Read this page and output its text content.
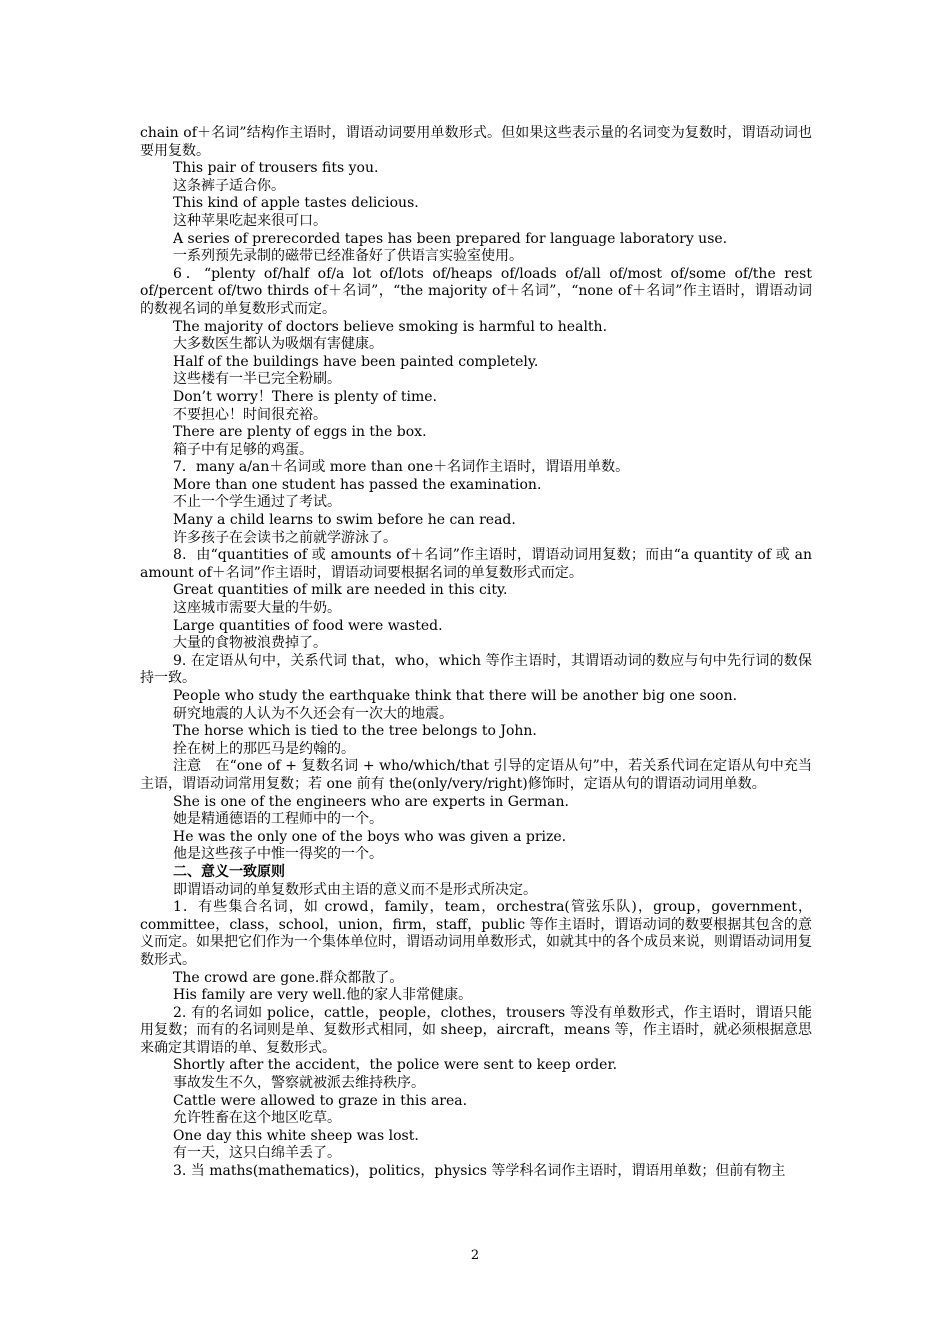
chain of＋名词”结构作主语时，谓语动词要用单数形式。但如果这些表示量的名词变为复数时，谓语动词也要用复数。
This pair of trousers fits you.
这条裤子适合你。
This kind of apple tastes delicious.
这种苹果吃起来很可口。
A series of prerecorded tapes has been prepared for language laboratory use.
一系列预先录制的磁带已经准备好了供语言实验室使用。
6．“plenty of/half of/a lot of/lots of/heaps of/loads of/all of/most of/some of/the rest of/percent of/two thirds of＋名词”，“the majority of＋名词”，“none of＋名词”作主语时，谓语动词的数视名词的单复数形式而定。
The majority of doctors believe smoking is harmful to health.
大多数医生都认为吸烟有害健康。
Half of the buildings have been painted completely.
这些楼有一半已完全粉刷。
Don’t worry！There is plenty of time.
不要担心！时间很充裕。
There are plenty of eggs in the box.
箱子中有足够的鸡蛋。
7．many a/an＋名词或 more than one＋名词作主语时，谓语用单数。
More than one student has passed the examination.
不止一个学生通过了考试。
Many a child learns to swim before he can read.
许多孩子在会读书之前就学游泳了。
8．由“quantities of 或 amounts of＋名词”作主语时，谓语动词用复数；而由“a quantity of 或 an amount of＋名词”作主语时，谓语动词要根据名词的单复数形式而定。
Great quantities of milk are needed in this city.
这座城市需要大量的牛奶。
Large quantities of food were wasted.
大量的食物被浪费掉了。
9. 在定语从句中，关系代词 that，who，which 等作主语时，其谓语动词的数应与句中先行词的数保持一致。
People who study the earthquake think that there will be another big one soon.
研究地震的人认为不久还会有一次大的地震。
The horse which is tied to the tree belongs to John.
拴在树上的那匹马是约翰的。
注意　在“one of + 复数名词 + who/which/that 引导的定语从句”中，若关系代词在定语从句中充当主语，谓语动词常用复数；若 one 前有 the(only/very/right)修饰时，定语从句的谓语动词用单数。
She is one of the engineers who are experts in German.
她是精通德语的工程师中的一个。
He was the only one of the boys who was given a prize.
他是这些孩子中惟一得奖的一个。
二、意义一致原则
即谓语动词的单复数形式由主语的意义而不是形式所决定。
1．有些集合名词，如 crowd，family，team，orchestra(管弦乐队)，group，government，committee，class，school，union，firm，staff，public 等作主语时，谓语动词的数要根据其包含的意义而定。如果把它们作为一个集体单位时，谓语动词用单数形式，如就其中的各个成员来说，则谓语动词用复数形式。
The crowd are gone.群众都散了。
His family are very well.他的家人非常健康。
2. 有的名词如 police，cattle，people，clothes，trousers 等没有单数形式，作主语时，谓语只能用复数；而有的名词则是单、复数形式相同，如 sheep，aircraft，means 等，作主语时，就必须根据意思来确定其谓语的单、复数形式。
Shortly after the accident，the police were sent to keep order.
事故发生不久，警察就被派去维持秩序。
Cattle were allowed to graze in this area.
允许牲畜在这个地区吃草。
One day this white sheep was lost.
有一天，这只白绵羊丢了。
3. 当 maths(mathematics)，politics，physics 等学科名词作主语时，谓语用单数；但前有物主
2
